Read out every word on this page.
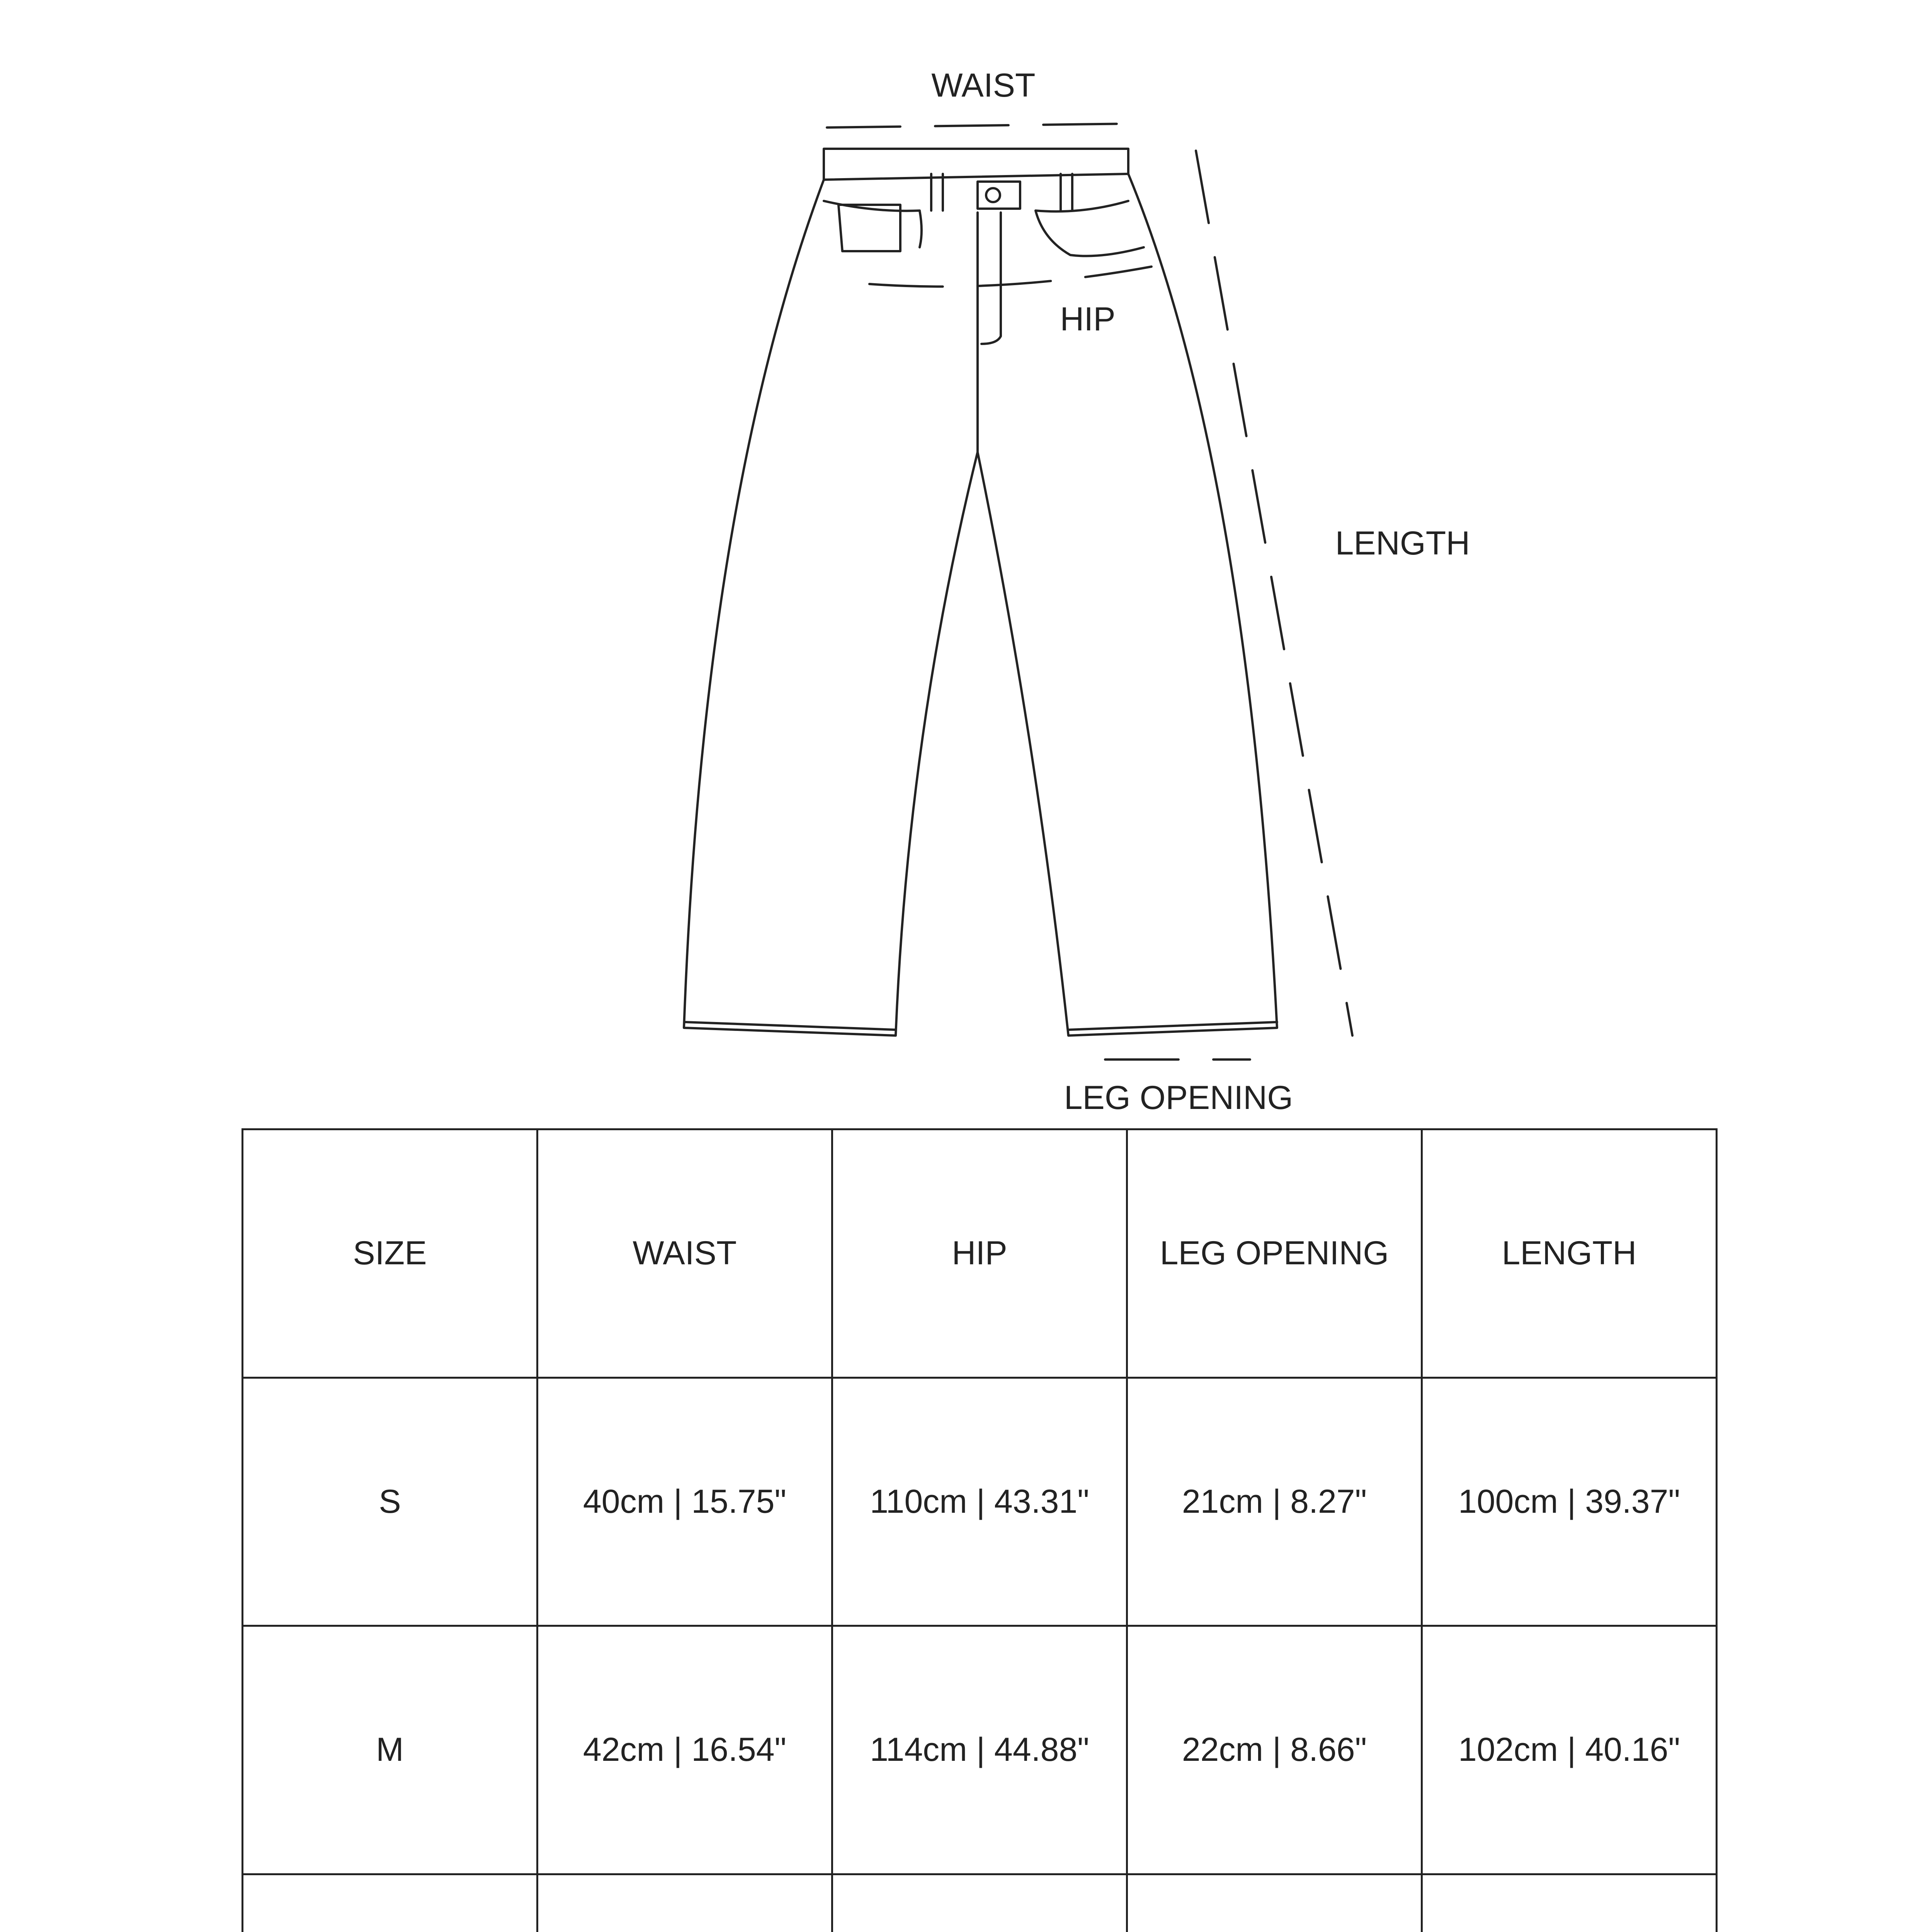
WAIST
HIP
LENGTH
LEG OPENING
SIZE	WAIST	HIP	LEG OPENING	LENGTH
S	40cm | 15.75"	110cm | 43.31"	21cm | 8.27"	100cm | 39.37"
M	42cm | 16.54"	114cm | 44.88"	22cm | 8.66"	102cm | 40.16"
